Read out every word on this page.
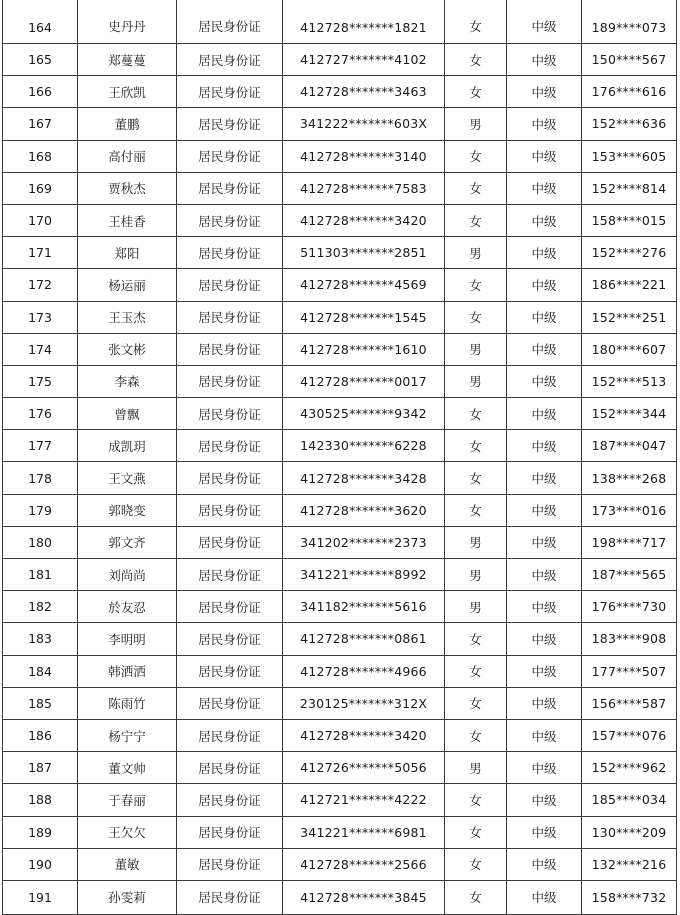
164	史丹丹	居民身份证	412728*******1821	女	中级	189****073
165	郑蔓蔓	居民身份证	412727*******4102	女	中级	150****567
166	王欣凯	居民身份证	412728*******3463	女	中级	176****616
167	董鹏	居民身份证	341222*******603X	男	中级	152****636
168	高付丽	居民身份证	412728*******3140	女	中级	153****605
169	贾秋杰	居民身份证	412728*******7583	女	中级	152****814
170	王桂香	居民身份证	412728*******3420	女	中级	158****015
171	郑阳	居民身份证	511303*******2851	男	中级	152****276
172	杨运丽	居民身份证	412728*******4569	女	中级	186****221
173	王玉杰	居民身份证	412728*******1545	女	中级	152****251
174	张文彬	居民身份证	412728*******1610	男	中级	180****607
175	李森	居民身份证	412728*******0017	男	中级	152****513
176	曾飘	居民身份证	430525*******9342	女	中级	152****344
177	成凯玥	居民身份证	142330*******6228	女	中级	187****047
178	王文燕	居民身份证	412728*******3428	女	中级	138****268
179	郭晓变	居民身份证	412728*******3620	女	中级	173****016
180	郭文齐	居民身份证	341202*******2373	男	中级	198****717
181	刘尚尚	居民身份证	341221*******8992	男	中级	187****565
182	於友忍	居民身份证	341182*******5616	男	中级	176****730
183	李明明	居民身份证	412728*******0861	女	中级	183****908
184	韩洒洒	居民身份证	412728*******4966	女	中级	177****507
185	陈雨竹	居民身份证	230125*******312X	女	中级	156****587
186	杨宁宁	居民身份证	412728*******3420	女	中级	157****076
187	董文帅	居民身份证	412726*******5056	男	中级	152****962
188	于春丽	居民身份证	412721*******4222	女	中级	185****034
189	王欠欠	居民身份证	341221*******6981	女	中级	130****209
190	董敏	居民身份证	412728*******2566	女	中级	132****216
191	孙雯莉	居民身份证	412728*******3845	女	中级	158****732
